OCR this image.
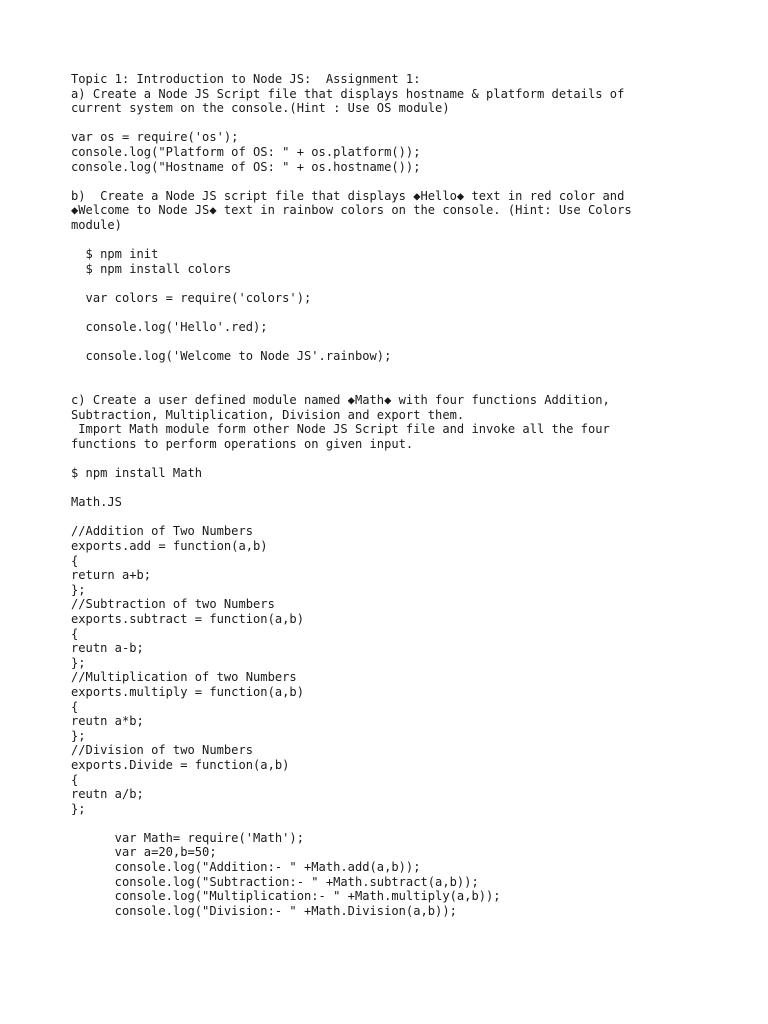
Topic 1: Introduction to Node JS:  Assignment 1:
a) Create a Node JS Script file that displays hostname & platform details of
current system on the console.(Hint : Use OS module)
var os = require('os');
console.log("Platform of OS: " + os.platform());
console.log("Hostname of OS: " + os.hostname());
b)  Create a Node JS script file that displays ◆Hello◆ text in red color and
◆Welcome to Node JS◆ text in rainbow colors on the console. (Hint: Use Colors
module)
$ npm init
$ npm install colors
var colors = require('colors');
console.log('Hello'.red);
console.log('Welcome to Node JS'.rainbow);
c) Create a user defined module named ◆Math◆ with four functions Addition,
Subtraction, Multiplication, Division and export them.
Import Math module form other Node JS Script file and invoke all the four
functions to perform operations on given input.
$ npm install Math
Math.JS
//Addition of Two Numbers
exports.add = function(a,b)
{
return a+b;
};
//Subtraction of two Numbers
exports.subtract = function(a,b)
{
reutn a-b;
};
//Multiplication of two Numbers
exports.multiply = function(a,b)
{
reutn a*b;
};
//Division of two Numbers
exports.Divide = function(a,b)
{
reutn a/b;
};
var Math= require('Math');
var a=20,b=50;
console.log("Addition:- " +Math.add(a,b));
console.log("Subtraction:- " +Math.subtract(a,b));
console.log("Multiplication:- " +Math.multiply(a,b));
console.log("Division:- " +Math.Division(a,b));
